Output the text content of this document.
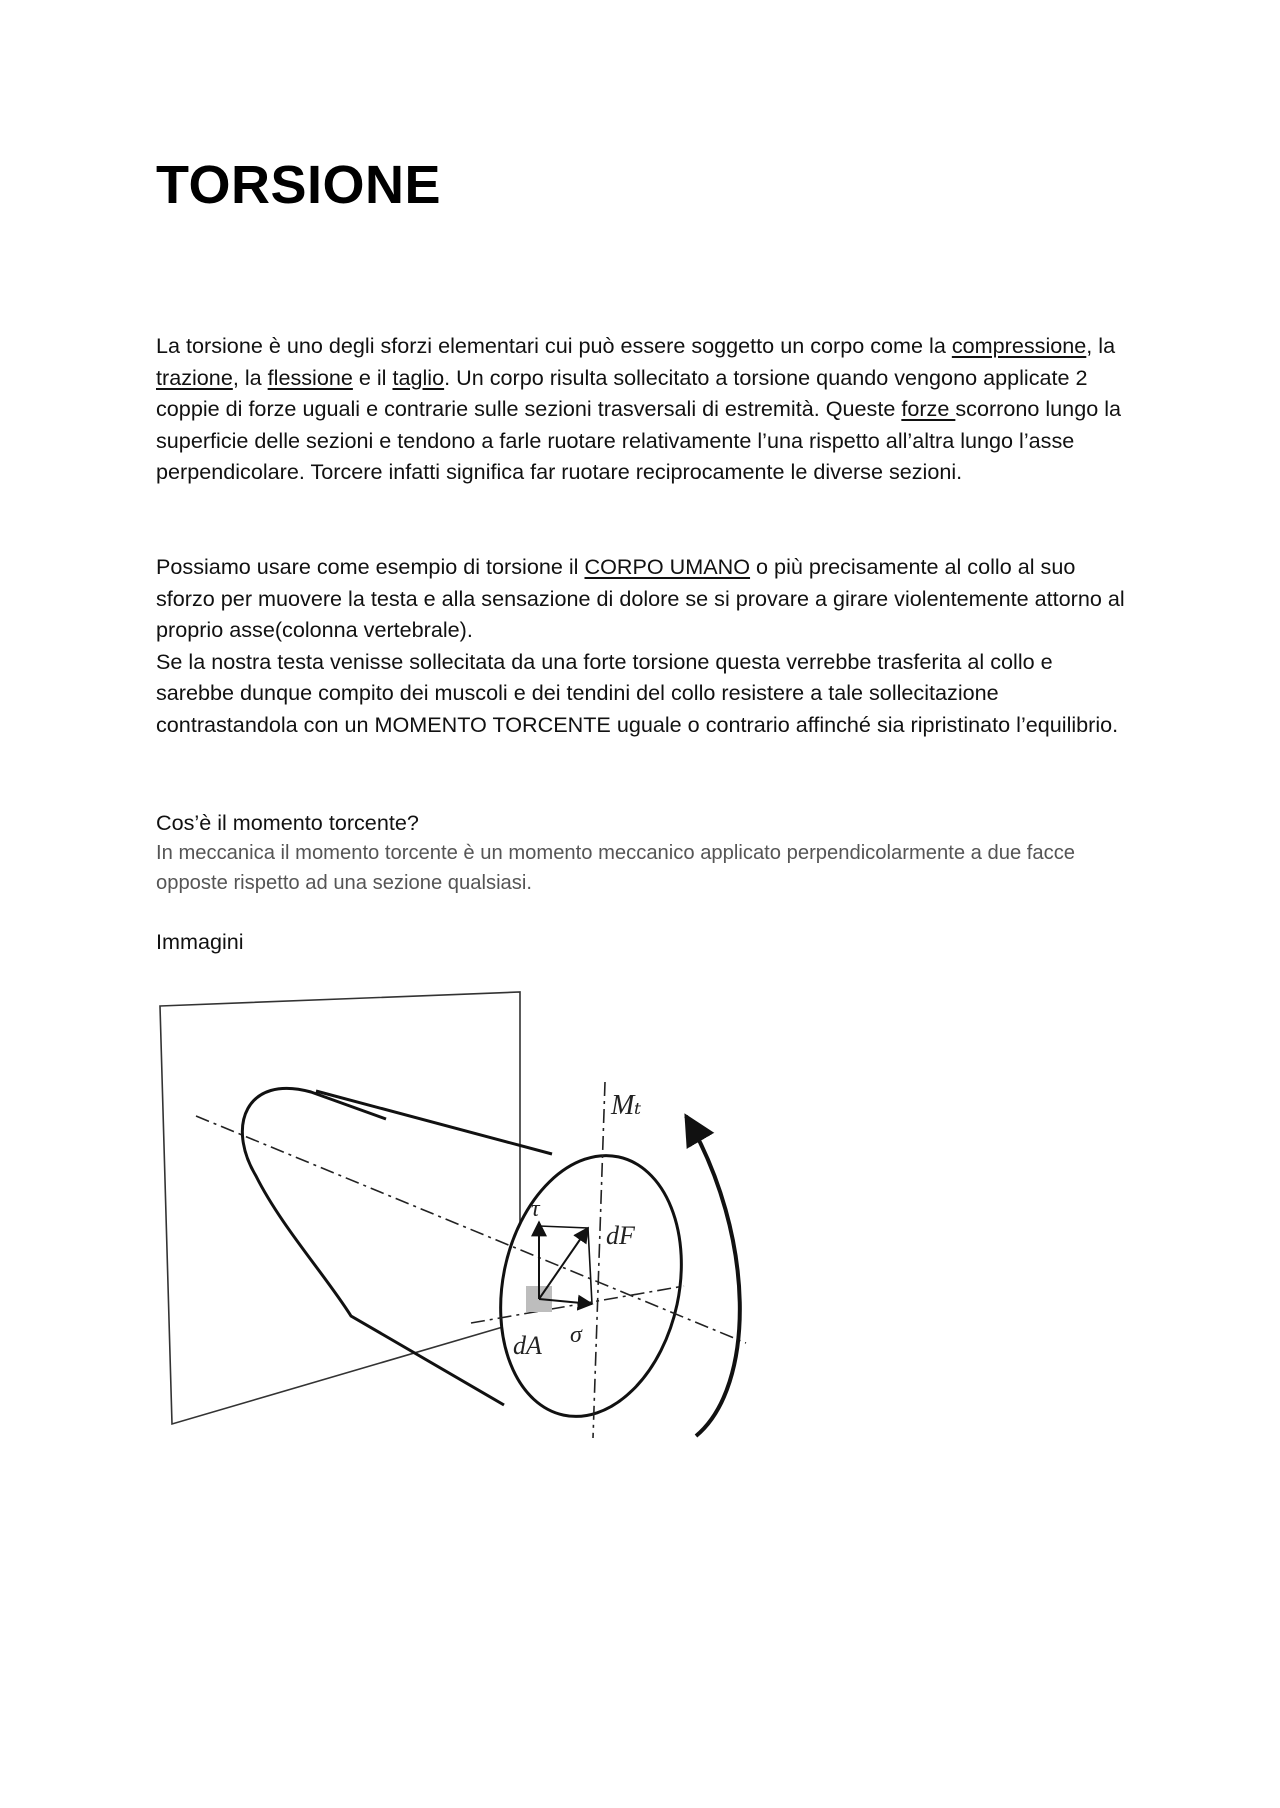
TORSIONE

La torsione è uno degli sforzi elementari cui può essere soggetto un corpo come la compressione, la trazione, la flessione e il taglio. Un corpo risulta sollecitato a torsione quando vengono applicate 2 coppie di forze uguali e contrarie sulle sezioni trasversali di estremità. Queste forze scorrono lungo la superficie delle sezioni e tendono a farle ruotare relativamente l’una rispetto all’altra lungo l’asse perpendicolare. Torcere infatti significa far ruotare reciprocamente le diverse sezioni.

Possiamo usare come esempio di torsione il CORPO UMANO o più precisamente al collo al suo sforzo per muovere la testa e alla sensazione di dolore se si provare a girare violentemente attorno al proprio asse(colonna vertebrale).
Se la nostra testa venisse sollecitata da una forte torsione questa verrebbe trasferita al collo e sarebbe dunque compito dei muscoli e dei tendini del collo resistere a tale sollecitazione contrastandola con un MOMENTO TORCENTE uguale o contrario affinché sia ripristinato l’equilibrio.

Cos’è il momento torcente?

In meccanica il momento torcente è un momento meccanico applicato perpendicolarmente a due facce opposte rispetto ad una sezione qualsiasi.

Immagini

Mₜ
τ
dF
dA σ
